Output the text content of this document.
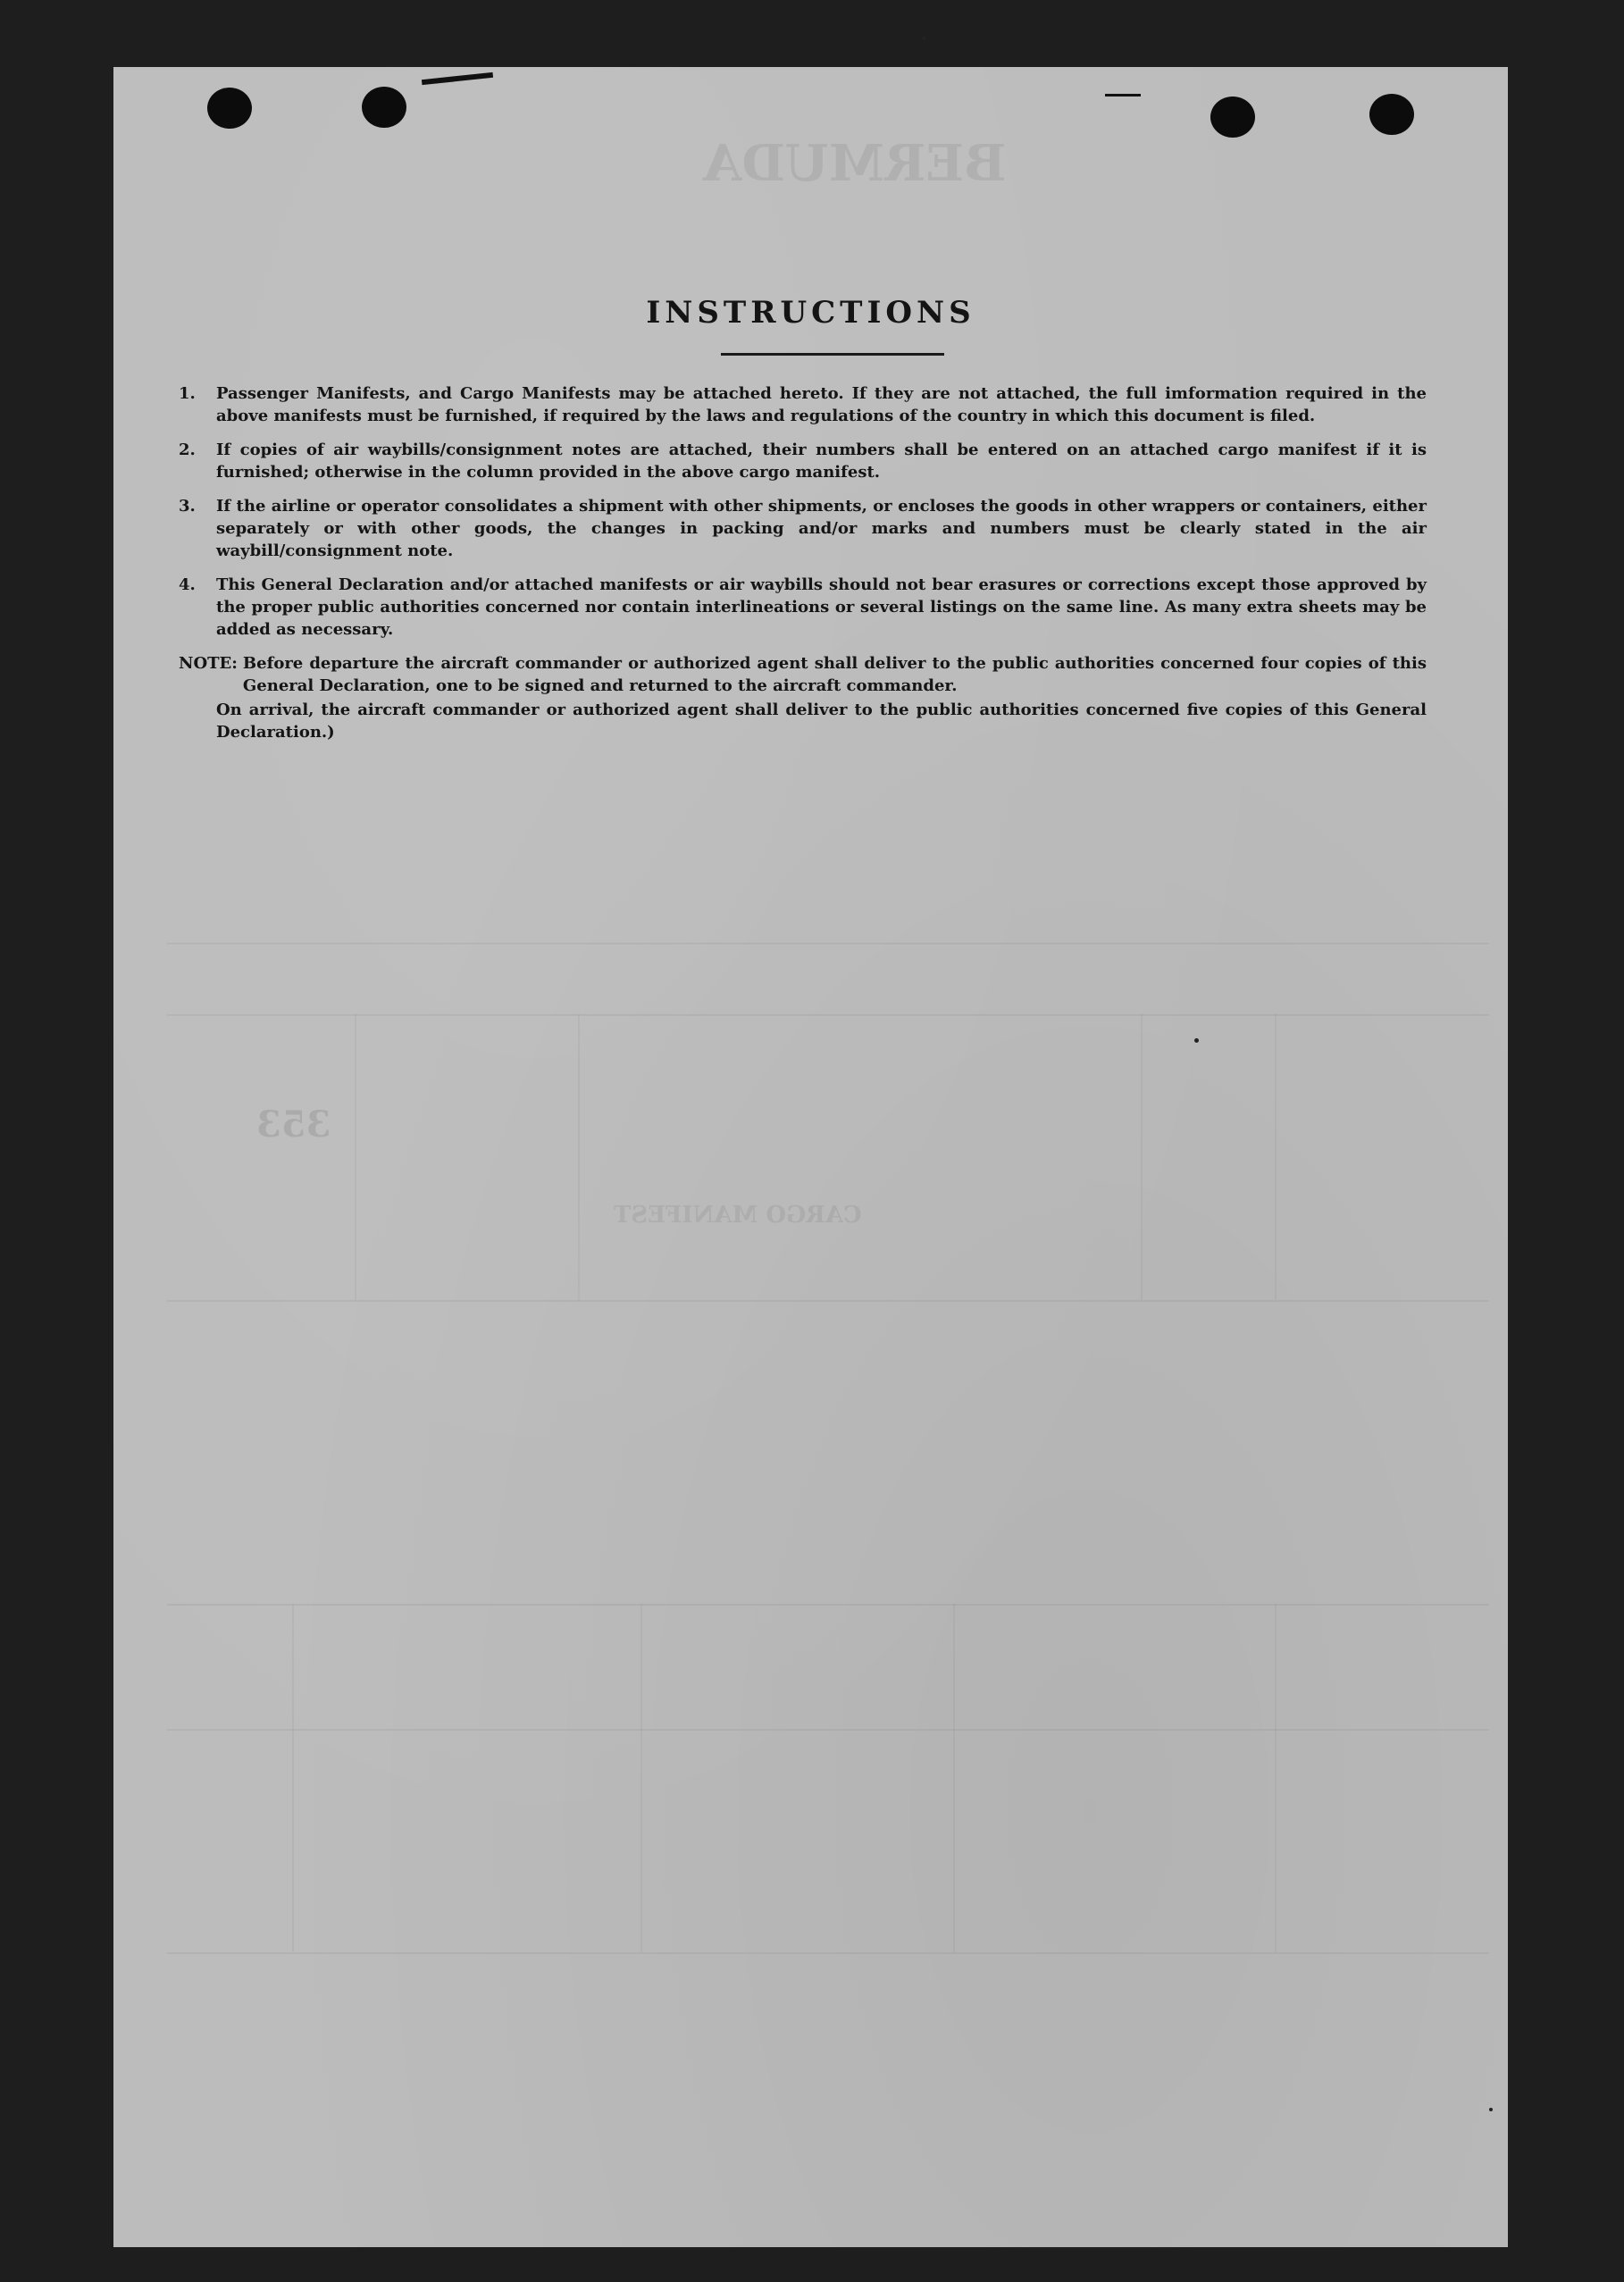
BERMUDA
CARGO MANIFEST
353
INSTRUCTIONS
1.	Passenger Manifests, and Cargo Manifests may be attached hereto. If they are not attached, the full imformation required in the above manifests must be furnished, if required by the laws and regulations of the country in which this document is filed.
2.	If copies of air waybills/consignment notes are attached, their numbers shall be entered on an attached cargo manifest if it is furnished; otherwise in the column provided in the above cargo manifest.
3.	If the airline or operator consolidates a shipment with other shipments, or encloses the goods in other wrappers or containers, either separately or with other goods, the changes in packing and/or marks and numbers must be clearly stated in the air waybill/consignment note.
4.	This General Declaration and/or attached manifests or air waybills should not bear erasures or corrections except those approved by the proper public authorities concerned nor contain interlineations or several listings on the same line. As many extra sheets may be added as necessary.
NOTE: Before departure the aircraft commander or authorized agent shall deliver to the public authorities concerned four copies of this General Declaration, one to be signed and returned to the aircraft commander.
On arrival, the aircraft commander or authorized agent shall deliver to the public authorities concerned five copies of this General Declaration.)
